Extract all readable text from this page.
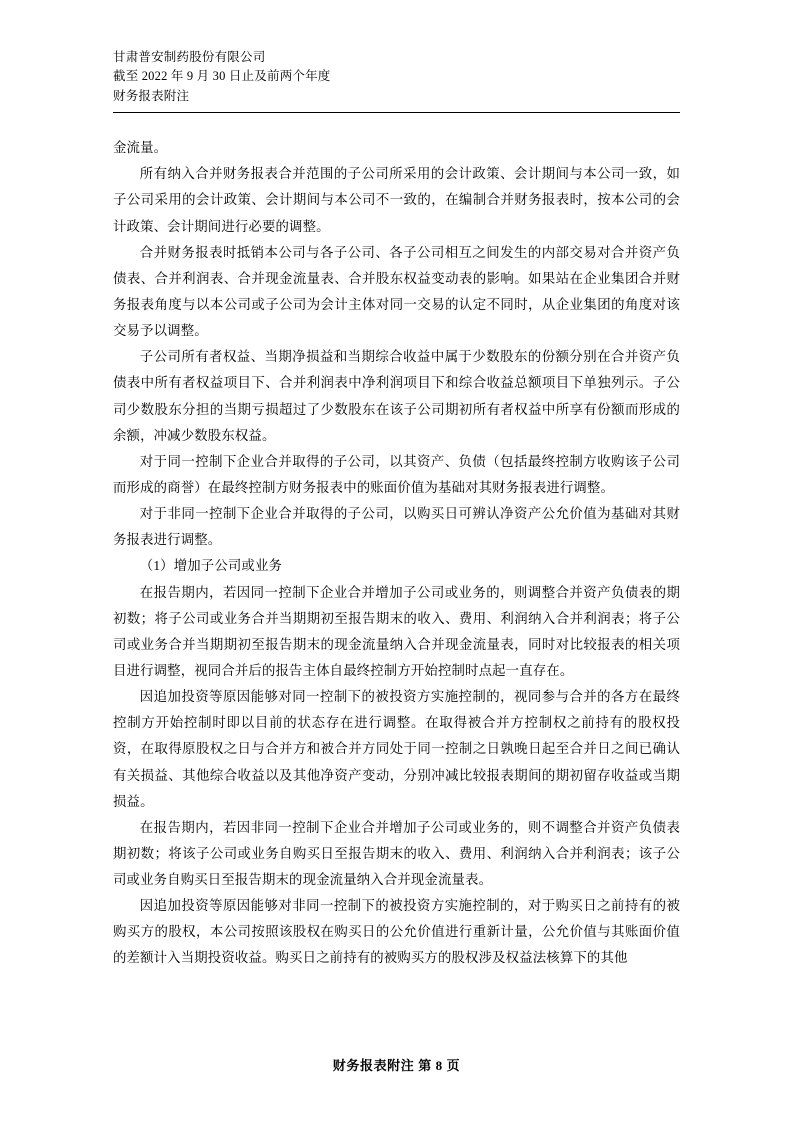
甘肃普安制药股份有限公司
截至 2022 年 9 月 30 日止及前两个年度
财务报表附注

金流量。

所有纳入合并财务报表合并范围的子公司所采用的会计政策、会计期间与本公司一致，如子公司采用的会计政策、会计期间与本公司不一致的，在编制合并财务报表时，按本公司的会计政策、会计期间进行必要的调整。

合并财务报表时抵销本公司与各子公司、各子公司相互之间发生的内部交易对合并资产负债表、合并利润表、合并现金流量表、合并股东权益变动表的影响。如果站在企业集团合并财务报表角度与以本公司或子公司为会计主体对同一交易的认定不同时，从企业集团的角度对该交易予以调整。

子公司所有者权益、当期净损益和当期综合收益中属于少数股东的份额分别在合并资产负债表中所有者权益项目下、合并利润表中净利润项目下和综合收益总额项目下单独列示。子公司少数股东分担的当期亏损超过了少数股东在该子公司期初所有者权益中所享有份额而形成的余额，冲减少数股东权益。

对于同一控制下企业合并取得的子公司，以其资产、负债（包括最终控制方收购该子公司而形成的商誉）在最终控制方财务报表中的账面价值为基础对其财务报表进行调整。

对于非同一控制下企业合并取得的子公司，以购买日可辨认净资产公允价值为基础对其财务报表进行调整。

（1）增加子公司或业务

在报告期内，若因同一控制下企业合并增加子公司或业务的，则调整合并资产负债表的期初数；将子公司或业务合并当期期初至报告期末的收入、费用、利润纳入合并利润表；将子公司或业务合并当期期初至报告期末的现金流量纳入合并现金流量表，同时对比较报表的相关项目进行调整，视同合并后的报告主体自最终控制方开始控制时点起一直存在。

因追加投资等原因能够对同一控制下的被投资方实施控制的，视同参与合并的各方在最终控制方开始控制时即以目前的状态存在进行调整。在取得被合并方控制权之前持有的股权投资，在取得原股权之日与合并方和被合并方同处于同一控制之日孰晚日起至合并日之间已确认有关损益、其他综合收益以及其他净资产变动，分别冲减比较报表期间的期初留存收益或当期损益。

在报告期内，若因非同一控制下企业合并增加子公司或业务的，则不调整合并资产负债表期初数；将该子公司或业务自购买日至报告期末的收入、费用、利润纳入合并利润表；该子公司或业务自购买日至报告期末的现金流量纳入合并现金流量表。

因追加投资等原因能够对非同一控制下的被投资方实施控制的，对于购买日之前持有的被购买方的股权，本公司按照该股权在购买日的公允价值进行重新计量，公允价值与其账面价值的差额计入当期投资收益。购买日之前持有的被购买方的股权涉及权益法核算下的其他

财务报表附注 第 8 页
